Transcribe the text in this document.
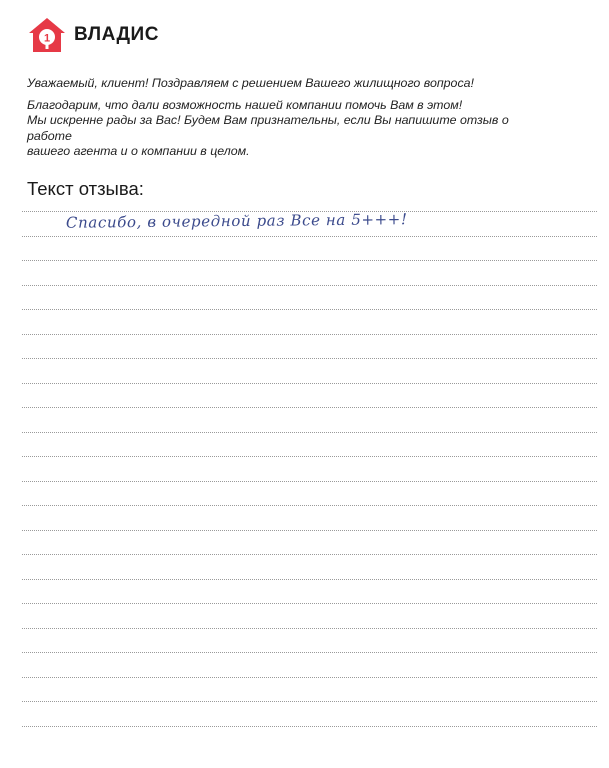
1 ВЛАДИС

Уважаемый, клиент! Поздравляем с решением Вашего жилищного вопроса!

Благодарим, что дали возможность нашей компании помочь Вам в этом!

Мы искренне рады за Вас! Будем Вам признательны, если Вы напишите отзыв о работе

вашего агента и о компании в целом.

Текст отзыва:
Спасибо, в очередной раз Все на 5+++!
